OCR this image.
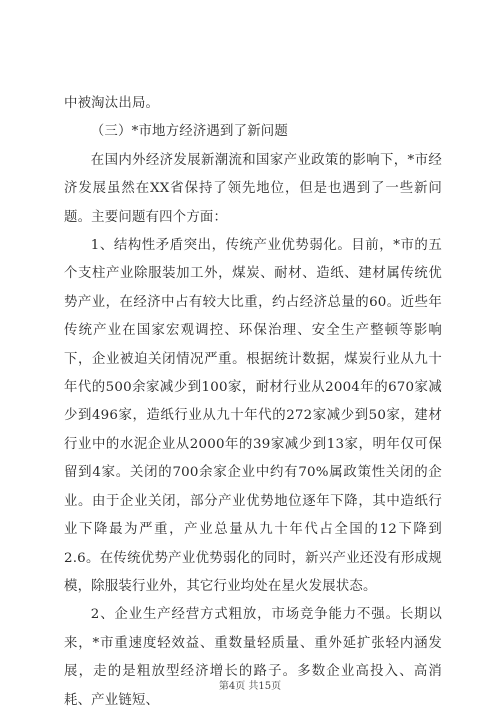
中被淘汰出局。

（三）*市地方经济遇到了新问题

在国内外经济发展新潮流和国家产业政策的影响下，*市经济发展虽然在XX省保持了领先地位，但是也遇到了一些新问题。主要问题有四个方面：

1、结构性矛盾突出，传统产业优势弱化。目前，*市的五个支柱产业除服装加工外，煤炭、耐材、造纸、建材属传统优势产业，在经济中占有较大比重，约占经济总量的60。近些年传统产业在国家宏观调控、环保治理、安全生产整顿等影响下，企业被迫关闭情况严重。根据统计数据，煤炭行业从九十年代的500余家减少到100家，耐材行业从2004年的670家减少到496家，造纸行业从九十年代的272家减少到50家，建材行业中的水泥企业从2000年的39家减少到13家，明年仅可保留到4家。关闭的700余家企业中约有70%属政策性关闭的企业。由于企业关闭，部分产业优势地位逐年下降，其中造纸行业下降最为严重，产业总量从九十年代占全国的12下降到2.6。在传统优势产业优势弱化的同时，新兴产业还没有形成规模，除服装行业外，其它行业均处在星火发展状态。

2、企业生产经营方式粗放，市场竞争能力不强。长期以来，*市重速度轻效益、重数量轻质量、重外延扩张轻内涵发展，走的是粗放型经济增长的路子。多数企业高投入、高消耗、产业链短、

第4页 共15页
